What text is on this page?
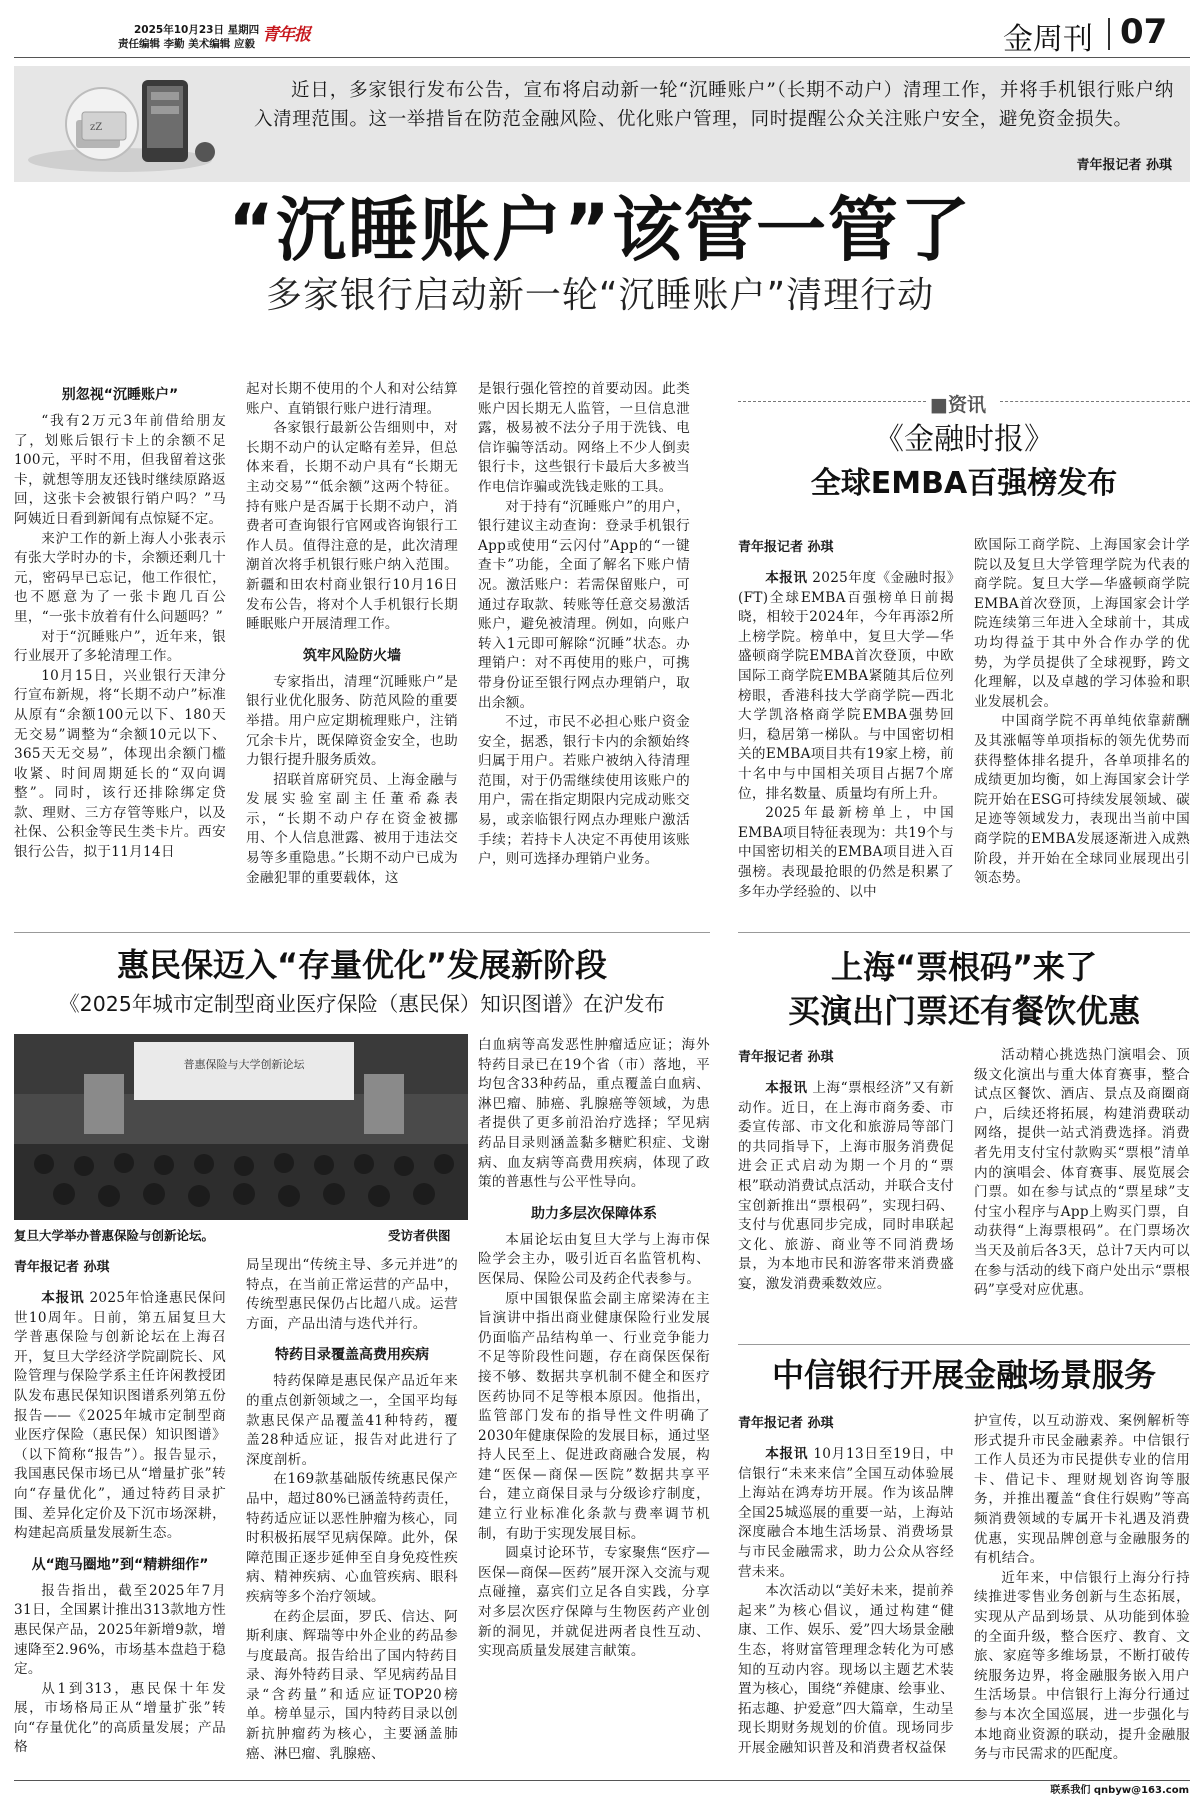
2025年10月23日 星期四
责任编辑 李勤 美术编辑 应毅 青年报	金周刊 07
zZ
近日，多家银行发布公告，宣布将启动新一轮“沉睡账户”（长期不动户）清理工作，并将手机银行账户纳入清理范围。这一举措旨在防范金融风险、优化账户管理，同时提醒公众关注账户安全，避免资金损失。
青年报记者 孙琪
“沉睡账户”该管一管了
多家银行启动新一轮“沉睡账户”清理行动
别忽视“沉睡账户”

“我有2万元3年前借给朋友了，划账后银行卡上的余额不足100元，平时不用，但我留着这张卡，就想等朋友还钱时继续原路返回，这张卡会被银行销户吗？”马阿姨近日看到新闻有点惊疑不定。

来沪工作的新上海人小张表示有张大学时办的卡，余额还剩几十元，密码早已忘记，他工作很忙，也不愿意为了一张卡跑几百公里，“一张卡放着有什么问题吗？”

对于“沉睡账户”，近年来，银行业展开了多轮清理工作。

10月15日，兴业银行天津分行宣布新规，将“长期不动户”标准从原有“余额100元以下、180天无交易”调整为“余额10元以下、365天无交易”，体现出余额门槛收紧、时间周期延长的“双向调整”。同时，该行还排除绑定贷款、理财、三方存管等账户，以及社保、公积金等民生类卡片。西安银行公告，拟于11月14日

起对长期不使用的个人和对公结算账户、直销银行账户进行清理。

各家银行最新公告细则中，对长期不动户的认定略有差异，但总体来看，长期不动户具有“长期无主动交易”“低余额”这两个特征。持有账户是否属于长期不动户，消费者可查询银行官网或咨询银行工作人员。值得注意的是，此次清理潮首次将手机银行账户纳入范围。新疆和田农村商业银行10月16日发布公告，将对个人手机银行长期睡眠账户开展清理工作。

筑牢风险防火墙

专家指出，清理“沉睡账户”是银行业优化服务、防范风险的重要举措。用户应定期梳理账户，注销冗余卡片，既保障资金安全，也助力银行提升服务质效。

招联首席研究员、上海金融与发展实验室副主任董希淼表示，“长期不动户存在资金被挪用、个人信息泄露、被用于违法交易等多重隐患。”长期不动户已成为金融犯罪的重要载体，这

是银行强化管控的首要动因。此类账户因长期无人监管，一旦信息泄露，极易被不法分子用于洗钱、电信诈骗等活动。网络上不少人倒卖银行卡，这些银行卡最后大多被当作电信诈骗或洗钱走账的工具。

对于持有“沉睡账户”的用户，银行建议主动查询：登录手机银行App或使用“云闪付”App的“一键查卡”功能，全面了解名下账户情况。激活账户：若需保留账户，可通过存取款、转账等任意交易激活账户，避免被清理。例如，向账户转入1元即可解除“沉睡”状态。办理销户：对不再使用的账户，可携带身份证至银行网点办理销户，取出余额。

不过，市民不必担心账户资金安全，据悉，银行卡内的余额始终归属于用户。若账户被纳入待清理范围，对于仍需继续使用该账户的用户，需在指定期限内完成动账交易，或亲临银行网点办理账户激活手续；若持卡人决定不再使用该账户，则可选择办理销户业务。

■资讯
《金融时报》
全球EMBA百强榜发布
青年报记者 孙琪

本报讯 2025年度《金融时报》(FT)全球EMBA百强榜单日前揭晓，相较于2024年，今年再添2所上榜学院。榜单中，复旦大学—华盛顿商学院EMBA首次登顶，中欧国际工商学院EMBA紧随其后位列榜眼，香港科技大学商学院—西北大学凯洛格商学院EMBA强势回归，稳居第一梯队。与中国密切相关的EMBA项目共有19家上榜，前十名中与中国相关项目占据7个席位，排名数量、质量均有所上升。

2025年最新榜单上，中国EMBA项目特征表现为：共19个与中国密切相关的EMBA项目进入百强榜。表现最抢眼的仍然是积累了多年办学经验的、以中

欧国际工商学院、上海国家会计学院以及复旦大学管理学院为代表的商学院。复旦大学—华盛顿商学院EMBA首次登顶，上海国家会计学院连续第三年进入全球前十，其成功均得益于其中外合作办学的优势，为学员提供了全球视野，跨文化理解，以及卓越的学习体验和职业发展机会。

中国商学院不再单纯依靠薪酬及其涨幅等单项指标的领先优势而获得整体排名提升，各单项排名的成绩更加均衡，如上海国家会计学院开始在ESG可持续发展领域、碳足迹等领域发力，表现出当前中国商学院的EMBA发展逐渐进入成熟阶段，并开始在全球同业展现出引领态势。

惠民保迈入“存量优化”发展新阶段
《2025年城市定制型商业医疗保险（惠民保）知识图谱》在沪发布
普惠保险与大学创新论坛
复旦大学举办普惠保险与创新论坛。	受访者供图
青年报记者 孙琪

本报讯 2025年恰逢惠民保问世10周年。日前，第五届复旦大学普惠保险与创新论坛在上海召开，复旦大学经济学院副院长、风险管理与保险学系主任许闲教授团队发布惠民保知识图谱系列第五份报告——《2025年城市定制型商业医疗保险（惠民保）知识图谱》（以下简称“报告”）。报告显示，我国惠民保市场已从“增量扩张”转向“存量优化”，通过特药目录扩围、差异化定价及下沉市场深耕，构建起高质量发展新生态。

从“跑马圈地”到“精耕细作”

报告指出，截至2025年7月31日，全国累计推出313款地方性惠民保产品，2025年新增9款，增速降至2.96%，市场基本盘趋于稳定。

从1到313，惠民保十年发展，市场格局正从“增量扩张”转向“存量优化”的高质量发展；产品格

局呈现出“传统主导、多元并进”的特点，在当前正常运营的产品中，传统型惠民保仍占比超八成。运营方面，产品出清与迭代并行。

特药目录覆盖高费用疾病

特药保障是惠民保产品近年来的重点创新领域之一，全国平均每款惠民保产品覆盖41种特药，覆盖28种适应证，报告对此进行了深度剖析。

在169款基础版传统惠民保产品中，超过80%已涵盖特药责任，特药适应证以恶性肿瘤为核心，同时积极拓展罕见病保障。此外，保障范围正逐步延伸至自身免疫性疾病、精神疾病、心血管疾病、眼科疾病等多个治疗领域。

在药企层面，罗氏、信达、阿斯利康、辉瑞等中外企业的药品参与度最高。报告给出了国内特药目录、海外特药目录、罕见病药品目录“含药量”和适应证TOP20榜单。榜单显示，国内特药目录以创新抗肿瘤药为核心，主要涵盖肺癌、淋巴瘤、乳腺癌、

白血病等高发恶性肿瘤适应证；海外特药目录已在19个省（市）落地，平均包含33种药品，重点覆盖白血病、淋巴瘤、肺癌、乳腺癌等领域，为患者提供了更多前沿治疗选择；罕见病药品目录则涵盖黏多糖贮积症、戈谢病、血友病等高费用疾病，体现了政策的普惠性与公平性导向。

助力多层次保障体系

本届论坛由复旦大学与上海市保险学会主办，吸引近百名监管机构、医保局、保险公司及药企代表参与。

原中国银保监会副主席梁涛在主旨演讲中指出商业健康保险行业发展仍面临产品结构单一、行业竞争能力不足等阶段性问题，存在商保医保衔接不够、数据共享机制不健全和医疗医药协同不足等根本原因。他指出，监管部门发布的指导性文件明确了2030年健康保险的发展目标，通过坚持人民至上、促进政商融合发展，构建“医保—商保—医院”数据共享平台，建立商保目录与分级诊疗制度，建立行业标准化条款与费率调节机制，有助于实现发展目标。

圆桌讨论环节，专家聚焦“医疗—医保—商保—医药”展开深入交流与观点碰撞，嘉宾们立足各自实践，分享对多层次医疗保障与生物医药产业创新的洞见，并就促进两者良性互动、实现高质量发展建言献策。

上海“票根码”来了
买演出门票还有餐饮优惠
青年报记者 孙琪

本报讯 上海“票根经济”又有新动作。近日，在上海市商务委、市委宣传部、市文化和旅游局等部门的共同指导下，上海市服务消费促进会正式启动为期一个月的“票根”联动消费试点活动，并联合支付宝创新推出“票根码”，实现扫码、支付与优惠同步完成，同时串联起文化、旅游、商业等不同消费场景，为本地市民和游客带来消费盛宴，激发消费乘数效应。

活动精心挑选热门演唱会、顶级文化演出与重大体育赛事，整合试点区餐饮、酒店、景点及商圈商户，后续还将拓展，构建消费联动网络，提供一站式消费选择。消费者先用支付宝付款购买“票根”清单内的演唱会、体育赛事、展览展会门票。如在参与试点的“票星球”支付宝小程序与App上购买门票，自动获得“上海票根码”。在门票场次当天及前后各3天，总计7天内可以在参与活动的线下商户处出示“票根码”享受对应优惠。

中信银行开展金融场景服务
青年报记者 孙琪

本报讯 10月13日至19日，中信银行“未来来信”全国互动体验展上海站在鸿寿坊开展。作为该品牌全国25城巡展的重要一站，上海站深度融合本地生活场景、消费场景与市民金融需求，助力公众从容经营未来。

本次活动以“美好未来，提前养起来”为核心倡议，通过构建“健康、工作、娱乐、爱”四大场景金融生态，将财富管理理念转化为可感知的互动内容。现场以主题艺术装置为核心，围绕“养健康、绘事业、拓志趣、护爱意”四大篇章，生动呈现长期财务规划的价值。现场同步开展金融知识普及和消费者权益保

护宣传，以互动游戏、案例解析等形式提升市民金融素养。中信银行工作人员还为市民提供专业的信用卡、借记卡、理财规划咨询等服务，并推出覆盖“食住行娱购”等高频消费领域的专属开卡礼遇及消费优惠，实现品牌创意与金融服务的有机结合。

近年来，中信银行上海分行持续推进零售业务创新与生态拓展，实现从产品到场景、从功能到体验的全面升级，整合医疗、教育、文旅、家庭等多维场景，不断打破传统服务边界，将金融服务嵌入用户生活场景。中信银行上海分行通过参与本次全国巡展，进一步强化与本地商业资源的联动，提升金融服务与市民需求的匹配度。

联系我们 qnbyw@163.com
